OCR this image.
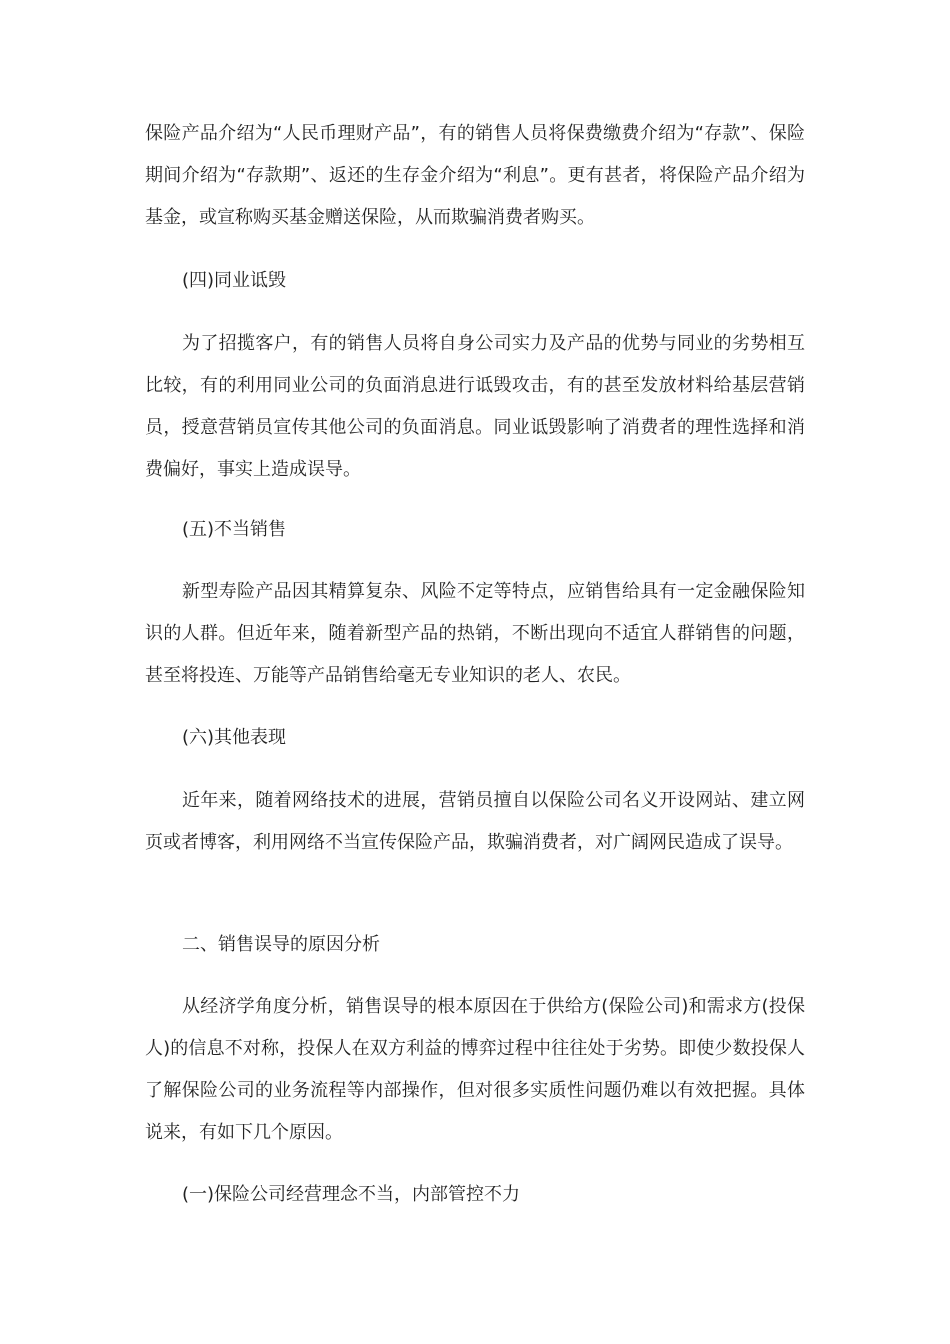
保险产品介绍为“人民币理财产品”，有的销售人员将保费缴费介绍为“存款”、保险期间介绍为“存款期”、返还的生存金介绍为“利息”。更有甚者，将保险产品介绍为基金，或宣称购买基金赠送保险，从而欺骗消费者购买。

(四)同业诋毁

为了招揽客户，有的销售人员将自身公司实力及产品的优势与同业的劣势相互比较，有的利用同业公司的负面消息进行诋毁攻击，有的甚至发放材料给基层营销员，授意营销员宣传其他公司的负面消息。同业诋毁影响了消费者的理性选择和消费偏好，事实上造成误导。

(五)不当销售

新型寿险产品因其精算复杂、风险不定等特点，应销售给具有一定金融保险知识的人群。但近年来，随着新型产品的热销，不断出现向不适宜人群销售的问题，甚至将投连、万能等产品销售给毫无专业知识的老人、农民。

(六)其他表现

近年来，随着网络技术的进展，营销员擅自以保险公司名义开设网站、建立网页或者博客，利用网络不当宣传保险产品，欺骗消费者，对广阔网民造成了误导。

二、销售误导的原因分析

从经济学角度分析，销售误导的根本原因在于供给方(保险公司)和需求方(投保人)的信息不对称，投保人在双方利益的博弈过程中往往处于劣势。即使少数投保人了解保险公司的业务流程等内部操作，但对很多实质性问题仍难以有效把握。具体说来，有如下几个原因。

(一)保险公司经营理念不当，内部管控不力
